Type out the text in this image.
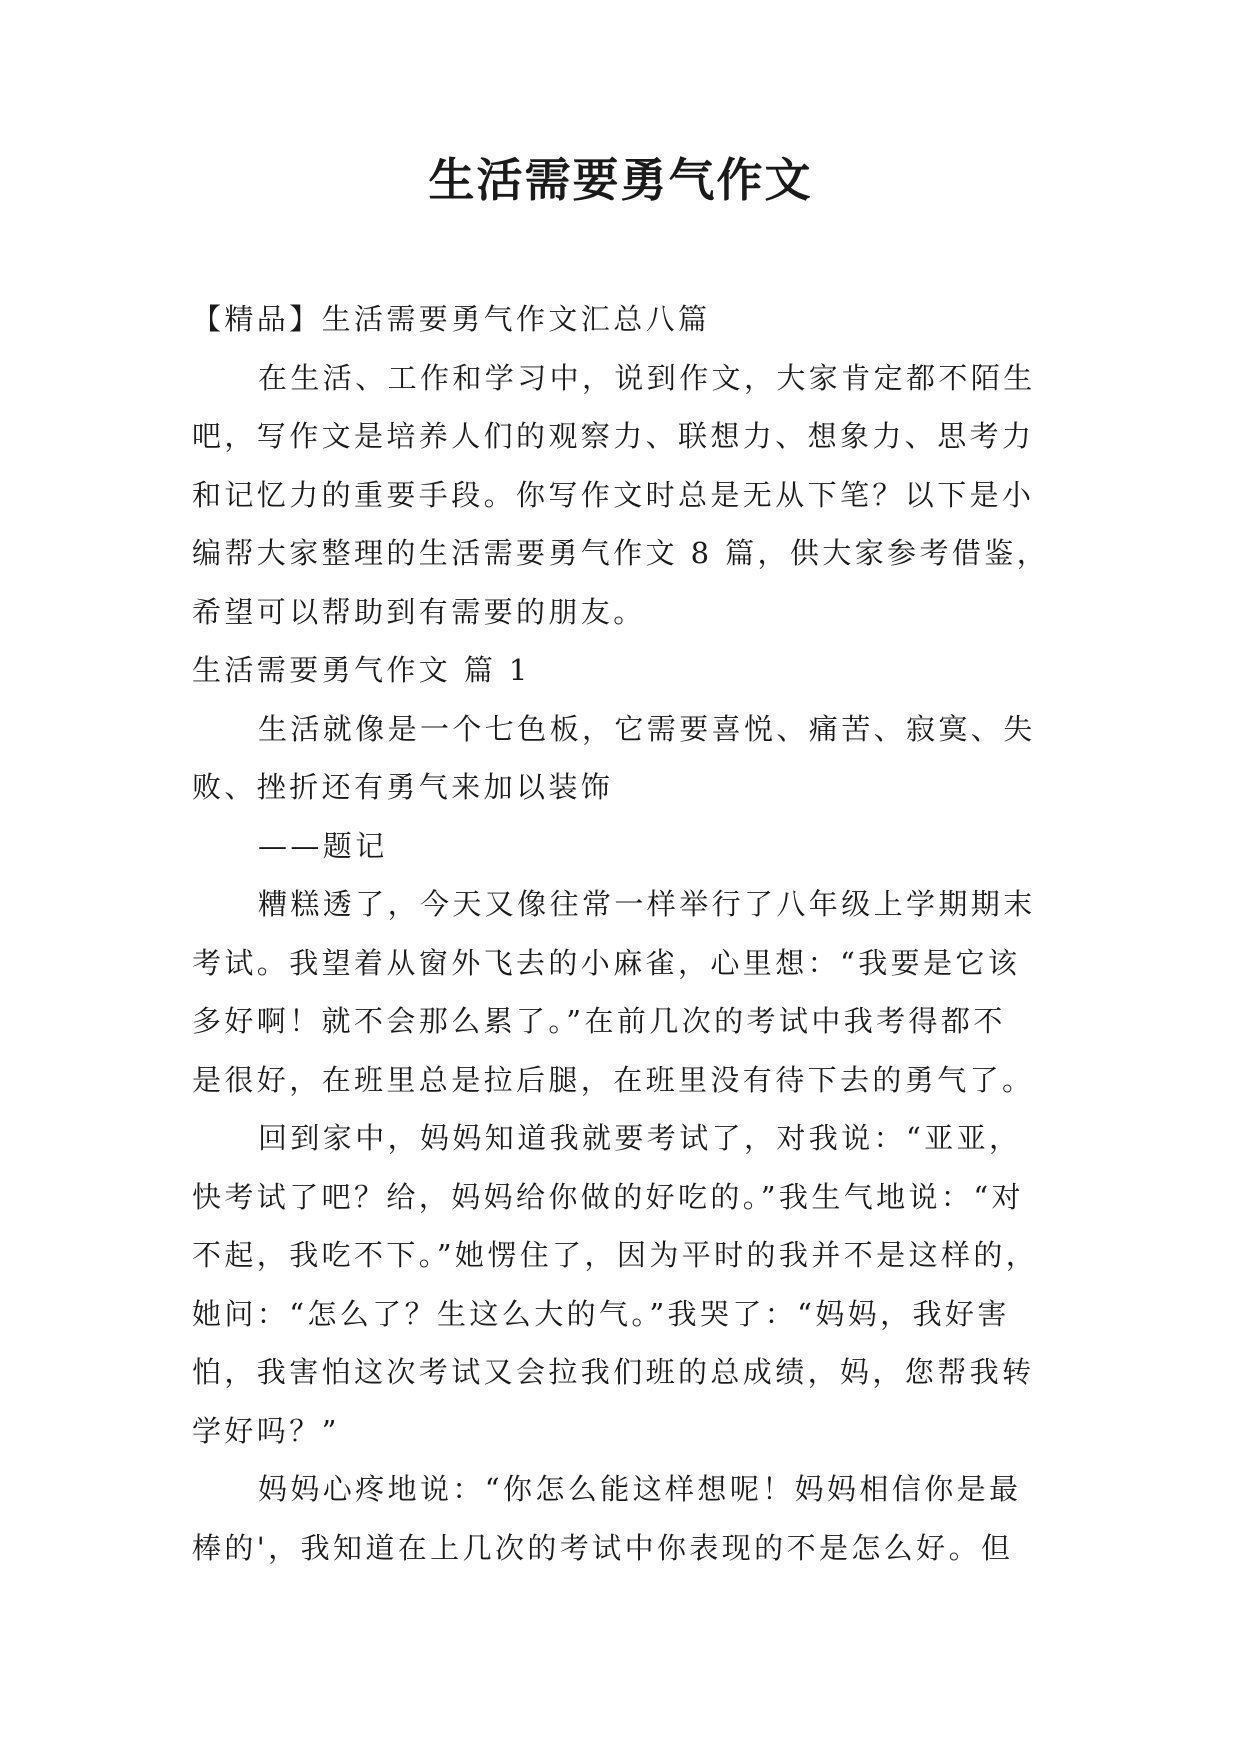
生活需要勇气作文
【精品】生活需要勇气作文汇总八篇
在生活、工作和学习中，说到作文，大家肯定都不陌生
吧，写作文是培养人们的观察力、联想力、想象力、思考力
和记忆力的重要手段。你写作文时总是无从下笔？以下是小
编帮大家整理的生活需要勇气作文 8 篇，供大家参考借鉴，
希望可以帮助到有需要的朋友。
生活需要勇气作文 篇 1
生活就像是一个七色板，它需要喜悦、痛苦、寂寞、失
败、挫折还有勇气来加以装饰
——题记
糟糕透了，今天又像往常一样举行了八年级上学期期末
考试。我望着从窗外飞去的小麻雀，心里想：“我要是它该
多好啊！就不会那么累了。”在前几次的考试中我考得都不
是很好，在班里总是拉后腿，在班里没有待下去的勇气了。
回到家中，妈妈知道我就要考试了，对我说：“亚亚，
快考试了吧？给，妈妈给你做的好吃的。”我生气地说：“对
不起，我吃不下。”她愣住了，因为平时的我并不是这样的，
她问：“怎么了？生这么大的气。”我哭了：“妈妈，我好害
怕，我害怕这次考试又会拉我们班的总成绩，妈，您帮我转
学好吗？”
妈妈心疼地说：“你怎么能这样想呢！妈妈相信你是最
棒的'，我知道在上几次的考试中你表现的不是怎么好。但
